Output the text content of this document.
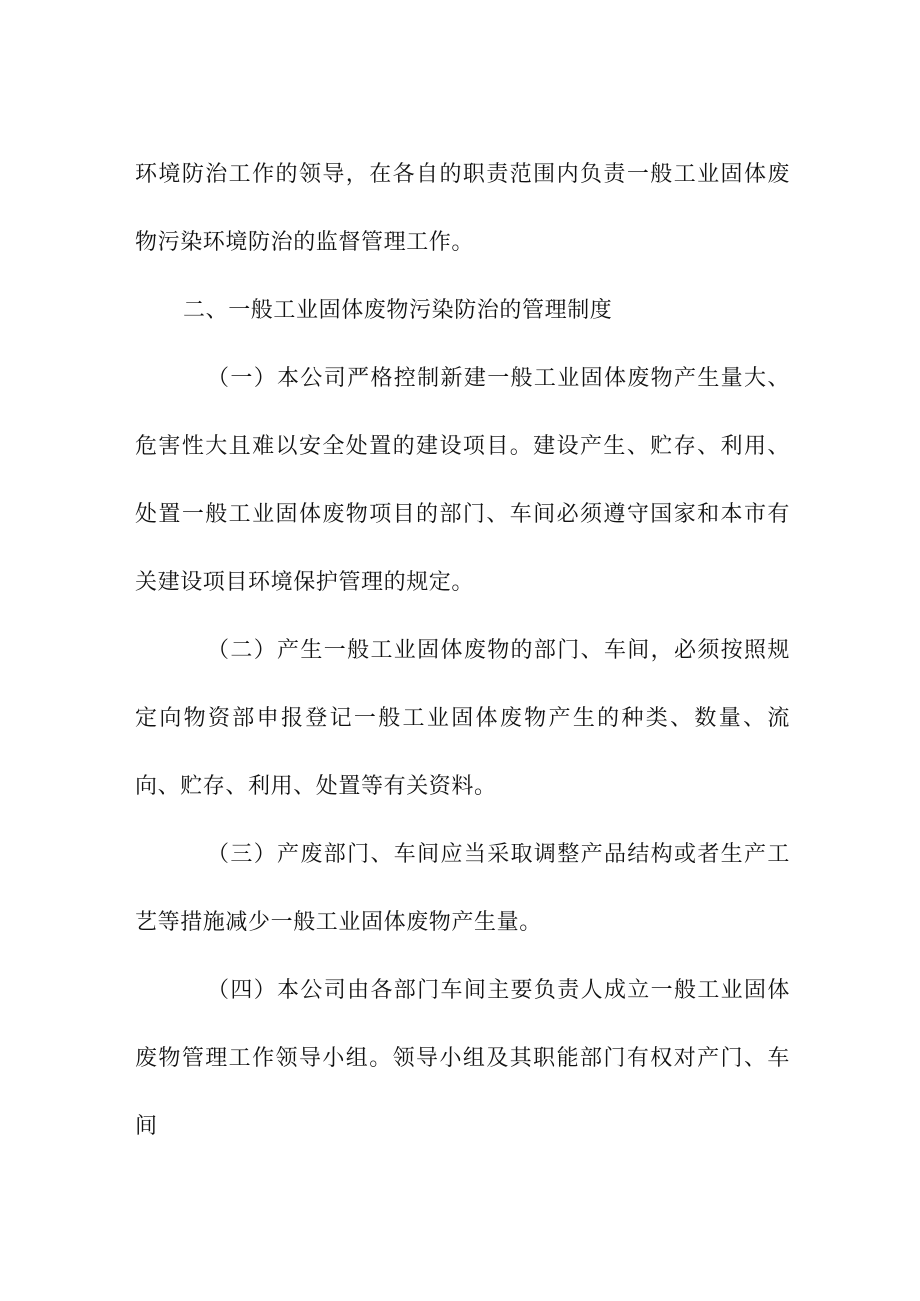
环境防治工作的领导，在各自的职责范围内负责一般工业固体废物污染环境防治的监督管理工作。

二、一般工业固体废物污染防治的管理制度

（一）本公司严格控制新建一般工业固体废物产生量大、危害性大且难以安全处置的建设项目。建设产生、贮存、利用、处置一般工业固体废物项目的部门、车间必须遵守国家和本市有关建设项目环境保护管理的规定。

（二）产生一般工业固体废物的部门、车间，必须按照规定向物资部申报登记一般工业固体废物产生的种类、数量、流向、贮存、利用、处置等有关资料。

（三）产废部门、车间应当采取调整产品结构或者生产工艺等措施减少一般工业固体废物产生量。

（四）本公司由各部门车间主要负责人成立一般工业固体废物管理工作领导小组。领导小组及其职能部门有权对产门、车间
